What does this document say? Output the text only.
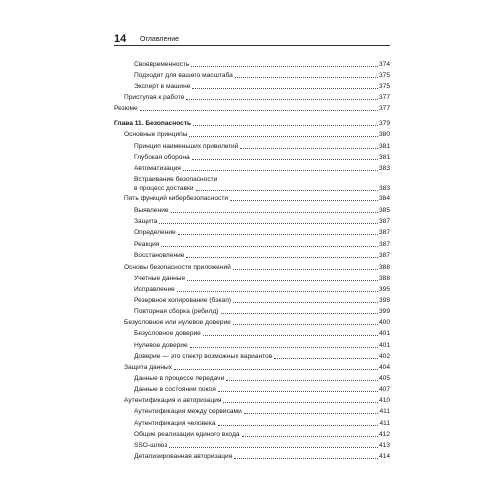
14 Оглавление
Своевременность	374
Подходит для вашего масштаба	375
Эксперт в машине	375
Приступая к работе	377
Резюме	377
Глава 11. Безопасность	379
Основные принципы	380
Принцип наименьших привилегий	381
Глубокая оборона	381
Автоматизация	383
Встраивание безопасности
в процесс доставки	383
Пять функций кибербезопасности	384
Выявление	385
Защита	387
Определение	387
Реакция	387
Восстановление	387
Основы безопасности приложений	388
Учетные данные	388
Исправление	395
Резервное копирование (бэкап)	398
Повторная сборка (ребилд)	399
Безусловное или нулевое доверие	400
Безусловное доверие	401
Нулевое доверие	401
Доверие — это спектр возможных вариантов	402
Защита данных	404
Данные в процессе передачи	405
Данные в состоянии покоя	407
Аутентификация и авторизация	410
Аутентификация между сервисами	411
Аутентификация человека	411
Общие реализации единого входа	412
SSO-шлюз	413
Детализированная авторизация	414
